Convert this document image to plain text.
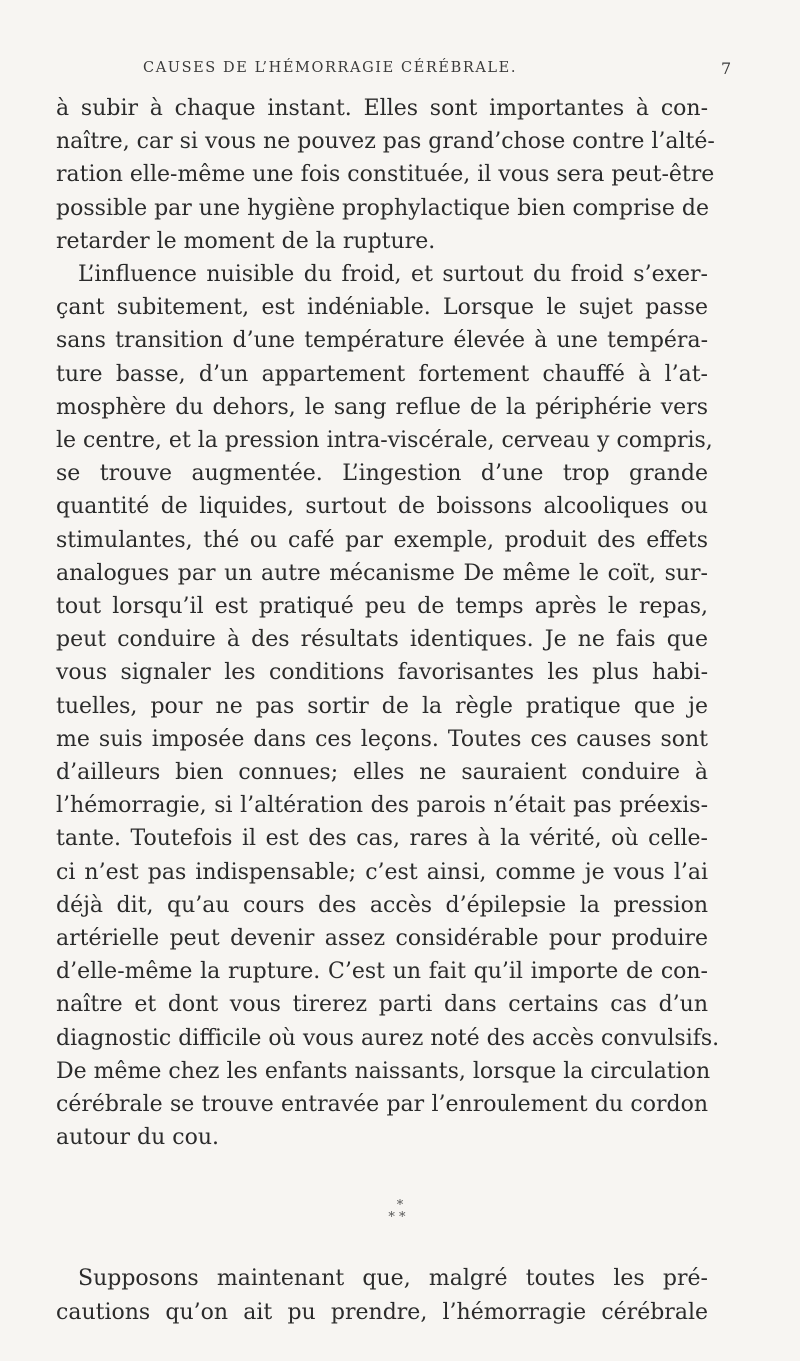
CAUSES DE L’HÉMORRAGIE CÉRÉBRALE.	7

à subir à chaque instant. Elles sont importantes à con-
naître, car si vous ne pouvez pas grand’chose contre l’alté-
ration elle-même une fois constituée, il vous sera peut-être
possible par une hygiène prophylactique bien comprise de
retarder le moment de la rupture.

L’influence nuisible du froid, et surtout du froid s’exer-
çant subitement, est indéniable. Lorsque le sujet passe
sans transition d’une température élevée à une tempéra-
ture basse, d’un appartement fortement chauffé à l’at-
mosphère du dehors, le sang reflue de la périphérie vers
le centre, et la pression intra-viscérale, cerveau y compris,
se trouve augmentée. L’ingestion d’une trop grande
quantité de liquides, surtout de boissons alcooliques ou
stimulantes, thé ou café par exemple, produit des effets
analogues par un autre mécanisme De même le coït, sur-
tout lorsqu’il est pratiqué peu de temps après le repas,
peut conduire à des résultats identiques. Je ne fais que
vous signaler les conditions favorisantes les plus habi-
tuelles, pour ne pas sortir de la règle pratique que je
me suis imposée dans ces leçons. Toutes ces causes sont
d’ailleurs bien connues; elles ne sauraient conduire à
l’hémorragie, si l’altération des parois n’était pas préexis-
tante. Toutefois il est des cas, rares à la vérité, où celle-
ci n’est pas indispensable; c’est ainsi, comme je vous l’ai
déjà dit, qu’au cours des accès d’épilepsie la pression
artérielle peut devenir assez considérable pour produire
d’elle-même la rupture. C’est un fait qu’il importe de con-
naître et dont vous tirerez parti dans certains cas d’un
diagnostic difficile où vous aurez noté des accès convulsifs.
De même chez les enfants naissants, lorsque la circulation
cérébrale se trouve entravée par l’enroulement du cordon
autour du cou.

*
* *
Supposons maintenant que, malgré toutes les pré-
cautions qu’on ait pu prendre, l’hémorragie cérébrale
